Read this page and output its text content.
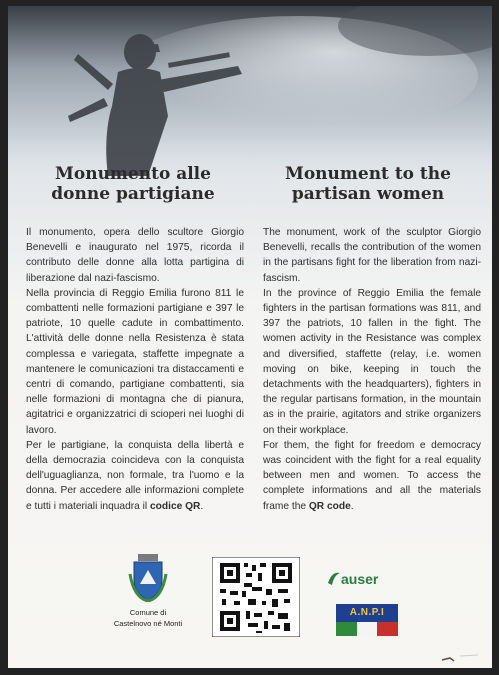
Monumento alle
donne partigiane
Monument to the
partisan women

Il monumento, opera dello scultore Giorgio Benevelli e inaugurato nel 1975, ricorda il contributo delle donne alla lotta partigina di liberazione dal nazi-fascismo.

Nella provincia di Reggio Emilia furono 811 le combattenti nelle formazioni partigiane e 397 le patriote, 10 quelle cadute in combattimento. L'attività delle donne nella Resistenza è stata complessa e variegata, staffette impegnate a mantenere le comunicazioni tra distaccamenti e centri di comando, partigiane combattenti, sia nelle formazioni di montagna che di pianura, agitatrici e organizzatrici di scioperi nei luoghi di lavoro.

Per le partigiane, la conquista della libertà e della democrazia coincideva con la conquista dell'uguaglianza, non formale, tra l'uomo e la donna. Per accedere alle informazioni complete e tutti i materiali inquadra il codice QR.

The monument, work of the sculptor Giorgio Benevelli, recalls the contribution of the women in the partisans fight for the liberation from nazi-fascism.

In the province of Reggio Emilia the female fighters in the partisan formations was 811, and 397 the patriots, 10 fallen in the fight. The women activity in the Resistance was complex and diversified, staffette (relay, i.e. women moving on bike, keeping in touch the detachments with the headquarters), fighters in the regular partisans formation, in the mountain as in the prairie, agitators and strike organizers on their workplace.

For them, the fight for freedom e democracy was coincident with the fight for a real equality between men and women. To access the complete informations and all the materials frame the QR code.

Comune di
Castelnovo né Monti
auser
A.N.P.I
